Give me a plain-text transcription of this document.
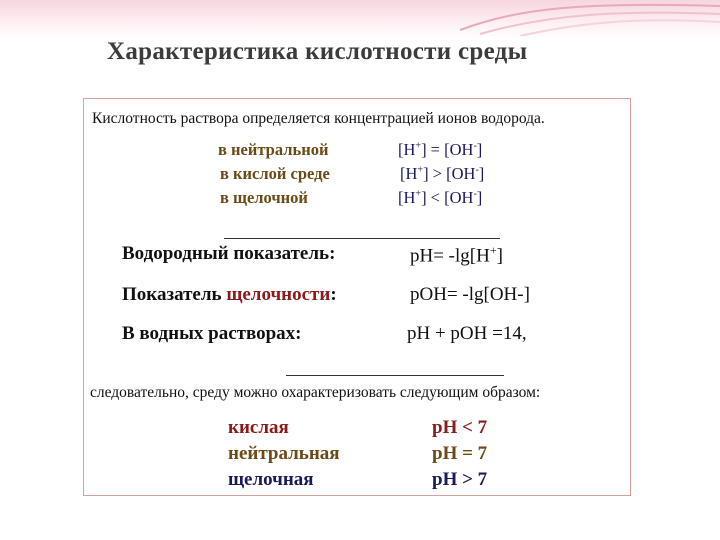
Характеристика кислотности среды
Кислотность раствора определяется концентрацией ионов водорода.
в нейтральной	[H+] = [OH-]
в кислой среде	[H+] > [OH-]
в щелочной	[H+] < [OH-]
Водородный показатель:	pH= -lg[H+]
Показатель щелочности:	pOH= -lg[OH-]
В водных растворах:	pH + pOH =14,
следовательно, среду можно охарактеризовать следующим образом:
кислая	pH < 7
нейтральная	pH = 7
щелочная	pH > 7
